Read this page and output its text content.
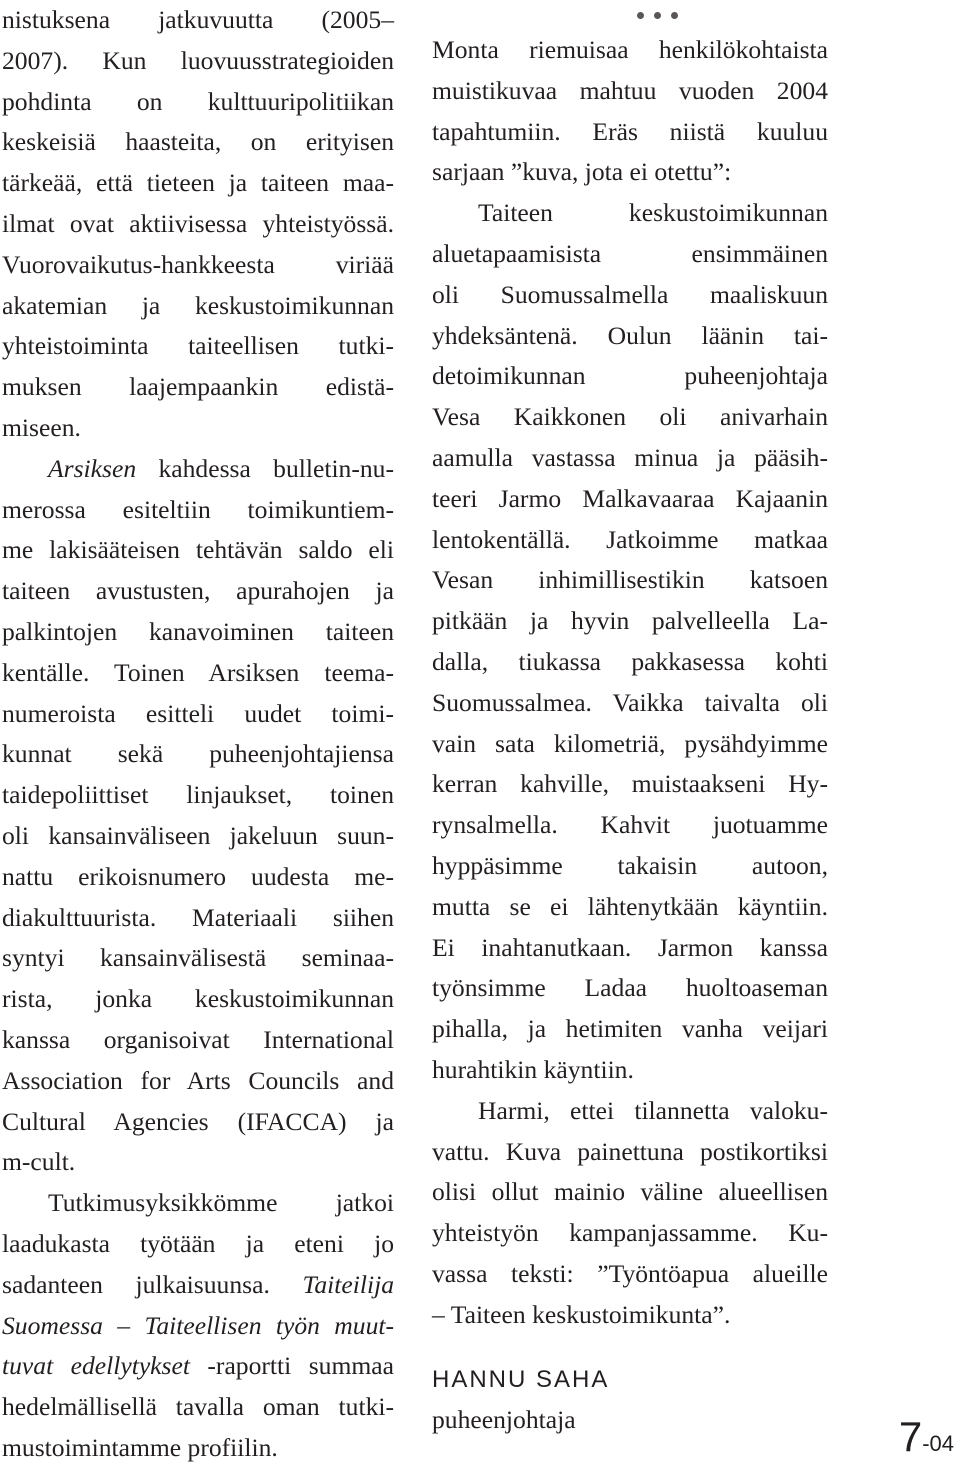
nistuksena jatkuvuutta (2005–
2007). Kun luovuusstrategioiden
pohdinta on kulttuuripolitiikan
keskeisiä haasteita, on erityisen
tärkeää, että tieteen ja taiteen maa-
ilmat ovat aktiivisessa yhteistyössä.
Vuorovaikutus-hankkeesta viriää
akatemian ja keskustoimikunnan
yhteistoiminta taiteellisen tutki-
muksen laajempaankin edistä-
miseen.
Arsiksen kahdessa bulletin-nu-
merossa esiteltiin toimikuntiem-
me lakisääteisen tehtävän saldo eli
taiteen avustusten, apurahojen ja
palkintojen kanavoiminen taiteen
kentälle. Toinen Arsiksen teema-
numeroista esitteli uudet toimi-
kunnat sekä puheenjohtajiensa
taidepoliittiset linjaukset, toinen
oli kansainväliseen jakeluun suun-
nattu erikoisnumero uudesta me-
diakulttuurista. Materiaali siihen
syntyi kansainvälisestä seminaa-
rista, jonka keskustoimikunnan
kanssa organisoivat International
Association for Arts Councils and
Cultural Agencies (IFACCA) ja
m-cult.
Tutkimusyksikkömme jatkoi
laadukasta työtään ja eteni jo
sadanteen julkaisuunsa. Taiteilija
Suomessa – Taiteellisen työn muut-
tuvat edellytykset -raportti summaa
hedelmällisellä tavalla oman tutki-
mustoimintamme profiilin.
Monta riemuisaa henkilökohtaista
muistikuvaa mahtuu vuoden 2004
tapahtumiin. Eräs niistä kuuluu
sarjaan ”kuva, jota ei otettu”:
Taiteen keskustoimikunnan
aluetapaamisista ensimmäinen
oli Suomussalmella maaliskuun
yhdeksäntenä. Oulun läänin tai-
detoimikunnan puheenjohtaja
Vesa Kaikkonen oli anivarhain
aamulla vastassa minua ja pääsih-
teeri Jarmo Malkavaaraa Kajaanin
lentokentällä. Jatkoimme matkaa
Vesan inhimillisestikin katsoen
pitkään ja hyvin palvelleella La-
dalla, tiukassa pakkasessa kohti
Suomussalmea. Vaikka taivalta oli
vain sata kilometriä, pysähdyimme
kerran kahville, muistaakseni Hy-
rynsalmella. Kahvit juotuamme
hyppäsimme takaisin autoon,
mutta se ei lähtenytkään käyntiin.
Ei inahtanutkaan. Jarmon kanssa
työnsimme Ladaa huoltoaseman
pihalla, ja hetimiten vanha veijari
hurahtikin käyntiin.
Harmi, ettei tilannetta valoku-
vattu. Kuva painettuna postikortiksi
olisi ollut mainio väline alueellisen
yhteistyön kampanjassamme. Ku-
vassa teksti: ”Työntöapua alueille
– Taiteen keskustoimikunta”.
HANNU SAHA
puheenjohtaja	7-04
